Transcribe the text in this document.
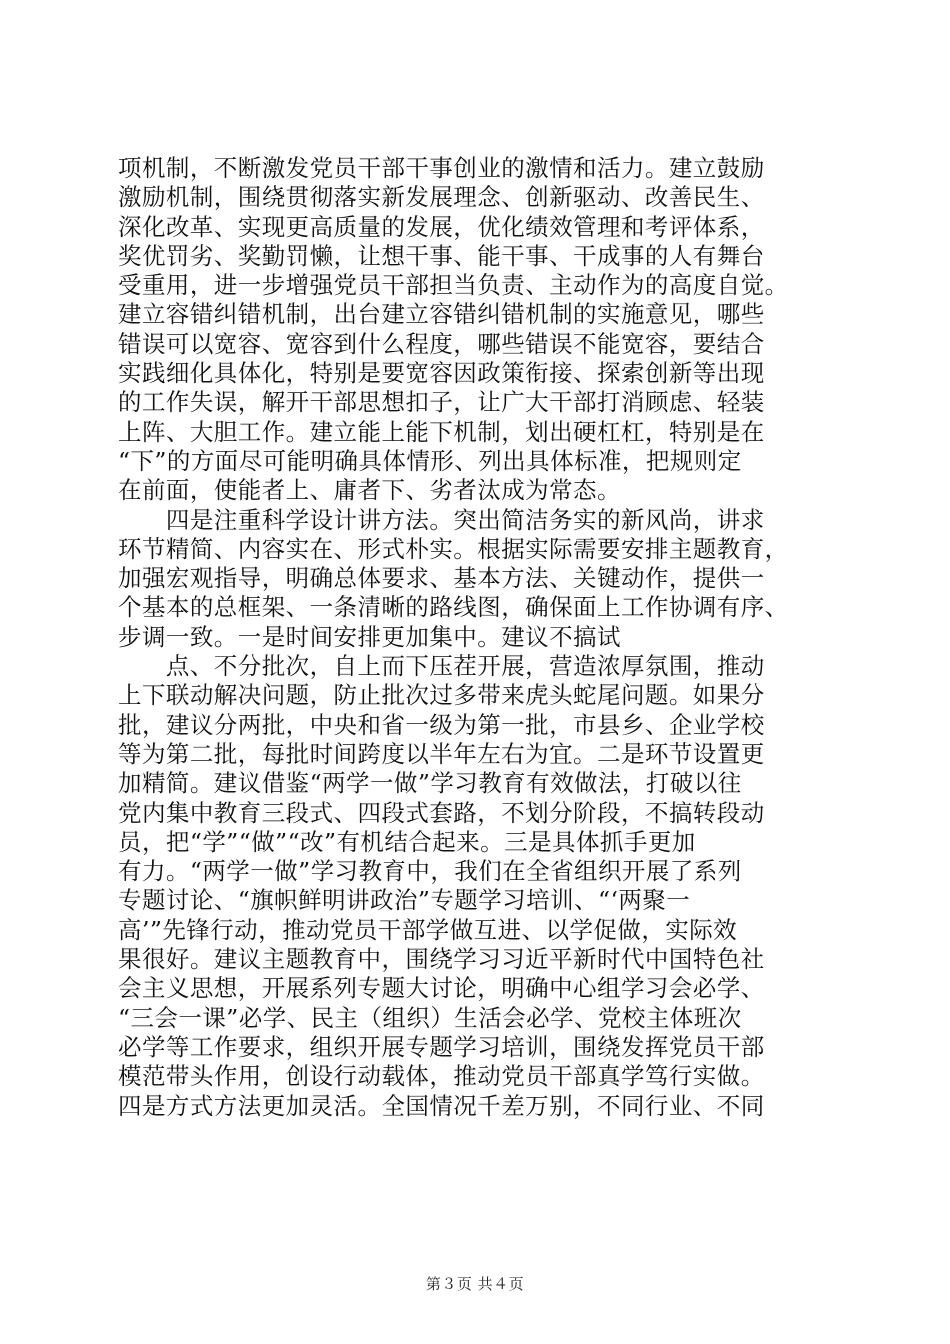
项机制，不断激发党员干部干事创业的激情和活力。建立鼓励
激励机制，围绕贯彻落实新发展理念、创新驱动、改善民生、
深化改革、实现更高质量的发展，优化绩效管理和考评体系，
奖优罚劣、奖勤罚懒，让想干事、能干事、干成事的人有舞台
受重用，进一步增强党员干部担当负责、主动作为的高度自觉。
建立容错纠错机制，出台建立容错纠错机制的实施意见，哪些
错误可以宽容、宽容到什么程度，哪些错误不能宽容，要结合
实践细化具体化，特别是要宽容因政策衔接、探索创新等出现
的工作失误，解开干部思想扣子，让广大干部打消顾虑、轻装
上阵、大胆工作。建立能上能下机制，划出硬杠杠，特别是在
“下”的方面尽可能明确具体情形、列出具体标准，把规则定
在前面，使能者上、庸者下、劣者汰成为常态。
　　四是注重科学设计讲方法。突出简洁务实的新风尚，讲求
环节精简、内容实在、形式朴实。根据实际需要安排主题教育，
加强宏观指导，明确总体要求、基本方法、关键动作，提供一
个基本的总框架、一条清晰的路线图，确保面上工作协调有序、
步调一致。一是时间安排更加集中。建议不搞试
　　点、不分批次，自上而下压茬开展，营造浓厚氛围，推动
上下联动解决问题，防止批次过多带来虎头蛇尾问题。如果分
批，建议分两批，中央和省一级为第一批，市县乡、企业学校
等为第二批，每批时间跨度以半年左右为宜。二是环节设置更
加精简。建议借鉴“两学一做”学习教育有效做法，打破以往
党内集中教育三段式、四段式套路，不划分阶段，不搞转段动
员，把“学”“做”“改”有机结合起来。三是具体抓手更加
有力。“两学一做”学习教育中，我们在全省组织开展了系列
专题讨论、“旗帜鲜明讲政治”专题学习培训、“‘两聚一
高’”先锋行动，推动党员干部学做互进、以学促做，实际效
果很好。建议主题教育中，围绕学习习近平新时代中国特色社
会主义思想，开展系列专题大讨论，明确中心组学习会必学、
“三会一课”必学、民主（组织）生活会必学、党校主体班次
必学等工作要求，组织开展专题学习培训，围绕发挥党员干部
模范带头作用，创设行动载体，推动党员干部真学笃行实做。
四是方式方法更加灵活。全国情况千差万别，不同行业、不同
第３页 共４页
